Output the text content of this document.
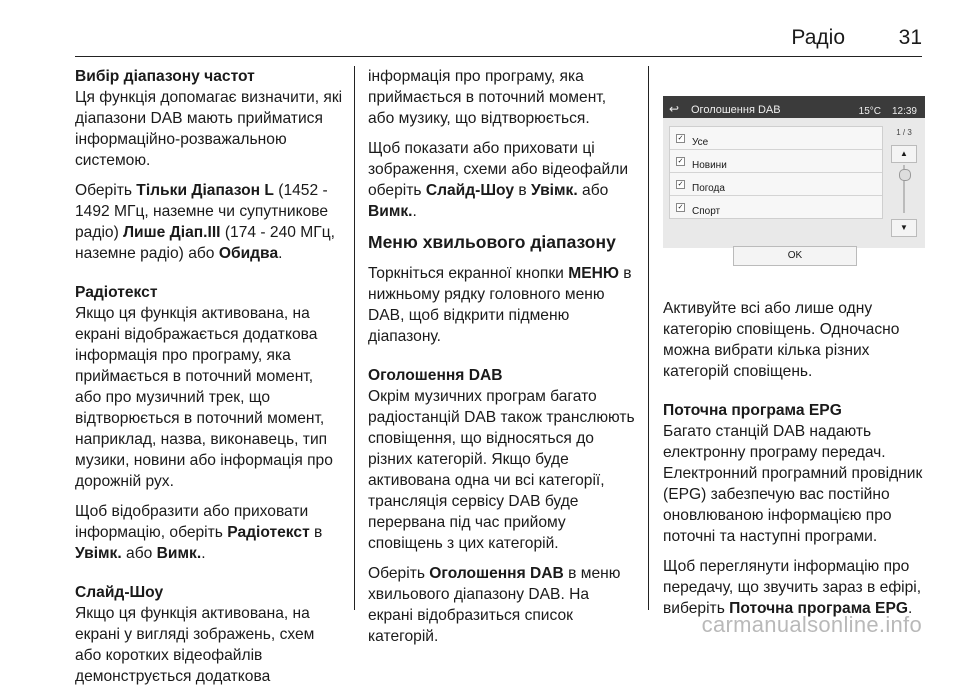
Радіо	31

Вибір діапазону частот

Ця функція допомагає визначити, які діапазони DAB мають прийматися інформаційно-розважальною системою.

Оберіть Тільки Діапазон L (1452 - 1492 МГц, наземне чи супутникове радіо) Лише Діап.III (174 - 240 МГц, наземне радіо) або Обидва.

Радіотекст

Якщо ця функція активована, на екрані відображається додаткова інформація про програму, яка приймається в поточний момент, або про музичний трек, що відтворюється в поточний момент, наприклад, назва, виконавець, тип музики, новини або інформація про дорожній рух.

Щоб відобразити або приховати інформацію, оберіть Радіотекст в Увімк. або Вимк..

Слайд-Шоу

Якщо ця функція активована, на екрані у вигляді зображень, схем або коротких відеофайлів демонструється додаткова

інформація про програму, яка приймається в поточний момент, або музику, що відтворюється.

Щоб показати або приховати ці зображення, схеми або відеофайли оберіть Слайд-Шоу в Увімк. або Вимк..

Меню хвильового діапазону

Торкніться екранної кнопки МЕНЮ в нижньому рядку головного меню DAB, щоб відкрити підменю діапазону.

Оголошення DAB

Окрім музичних програм багато радіостанцій DAB також транслюють сповіщення, що відносяться до різних категорій. Якщо буде активована одна чи всі категорії, трансляція сервісу DAB буде перервана під час прийому сповіщень з цих категорій.

Оберіть Оголошення DAB в меню хвильового діапазону DAB. На екрані відобразиться список категорій.

↩ Оголошення DAB	15°C 12:39
✓ Усе
✓ Новини
✓ Погода
✓ Спорт
1 / 3
▲
▼
OK

Активуйте всі або лише одну категорію сповіщень. Одночасно можна вибрати кілька різних категорій сповіщень.

Поточна програма EPG

Багато станцій DAB надають електронну програму передач. Електронний програмний провідник (EPG) забезпечую вас постійно оновлюваною інформацією про поточні та наступні програми.

Щоб переглянути інформацію про передачу, що звучить зараз в ефірі, виберіть Поточна програма EPG.

carmanualsonline.info
